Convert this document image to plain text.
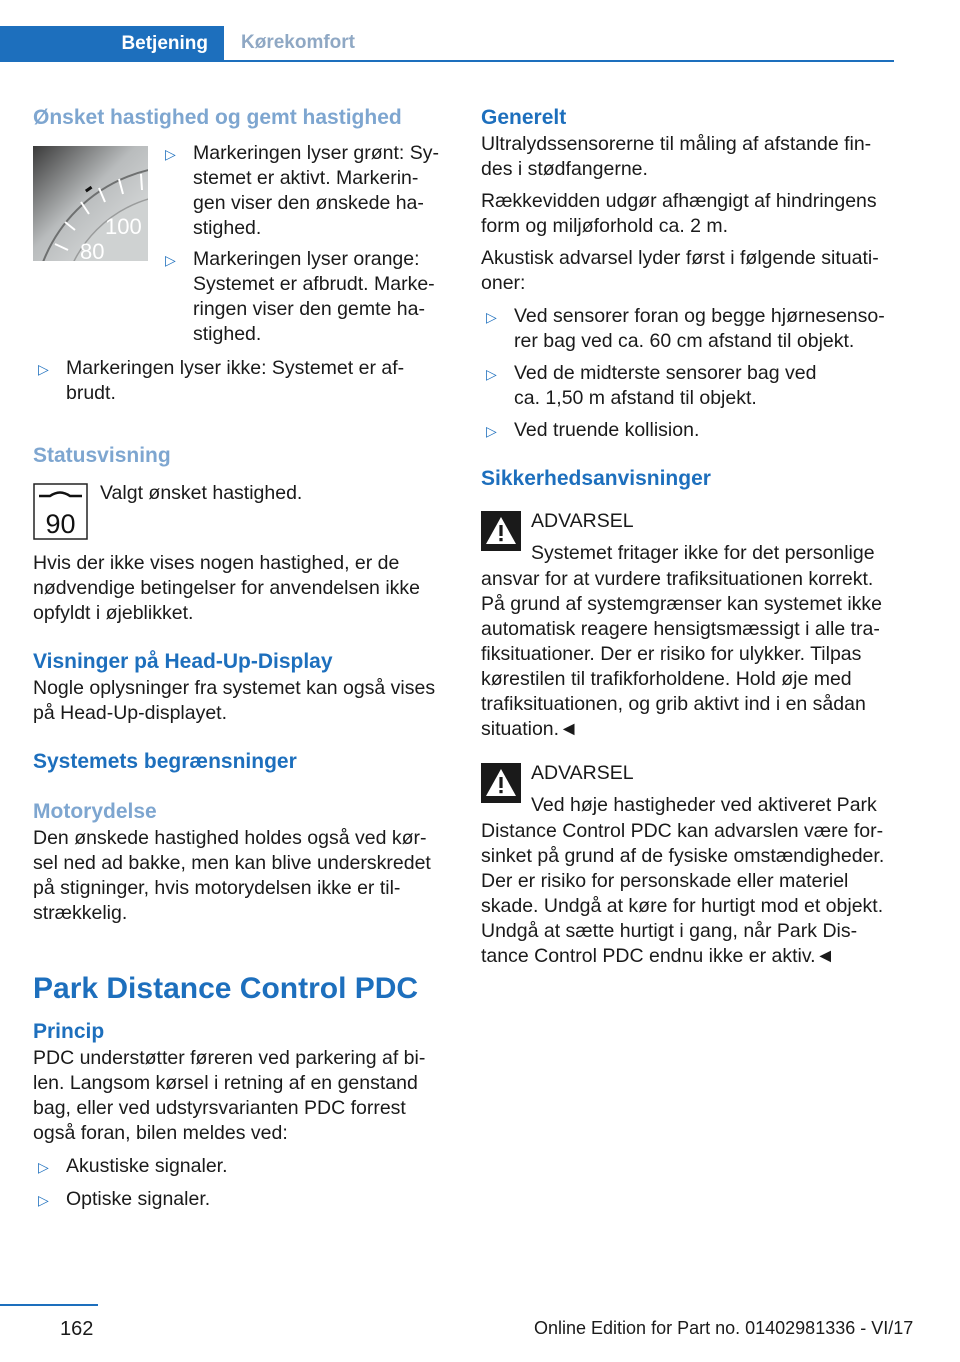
Betjening	Kørekomfort

Ønsket hastighed og gemt hastighed

100
80
▷ Markeringen lyser grønt: Sy-
stemet er aktivt. Markerin-
gen viser den ønskede ha-
stighed.
▷ Markeringen lyser orange:
Systemet er afbrudt. Marke-
ringen viser den gemte ha-
stighed.
▷ Markeringen lyser ikke: Systemet er af-
brudt.

Statusvisning

90

Valgt ønsket hastighed.

Hvis der ikke vises nogen hastighed, er de
nødvendige betingelser for anvendelsen ikke
opfyldt i øjeblikket.

Visninger på Head-Up-Display

Nogle oplysninger fra systemet kan også vises
på Head-Up-displayet.

Systemets begrænsninger

Motorydelse

Den ønskede hastighed holdes også ved kør-
sel ned ad bakke, men kan blive underskredet
på stigninger, hvis motorydelsen ikke er til-
strækkelig.

Park Distance Control PDC

Princip

PDC understøtter føreren ved parkering af bi-
len. Langsom kørsel i retning af en genstand
bag, eller ved udstyrsvarianten PDC forrest
også foran, bilen meldes ved:

▷ Akustiske signaler.
▷ Optiske signaler.

Generelt

Ultralydssensorerne til måling af afstande fin-
des i stødfangerne.

Rækkevidden udgør afhængigt af hindringens
form og miljøforhold ca. 2 m.

Akustisk advarsel lyder først i følgende situati-
oner:

▷ Ved sensorer foran og begge hjørnesenso-
rer bag ved ca. 60 cm afstand til objekt.
▷ Ved de midterste sensorer bag ved
ca. 1,50 m afstand til objekt.
▷ Ved truende kollision.

Sikkerhedsanvisninger

ADVARSEL

Systemet fritager ikke for det personlige

ansvar for at vurdere trafiksituationen korrekt.
På grund af systemgrænser kan systemet ikke
automatisk reagere hensigtsmæssigt i alle tra-
fiksituationer. Der er risiko for ulykker. Tilpas
kørestilen til trafikforholdene. Hold øje med
trafiksituationen, og grib aktivt ind i en sådan
situation.◄

ADVARSEL

Ved høje hastigheder ved aktiveret Park

Distance Control PDC kan advarslen være for-
sinket på grund af de fysiske omstændigheder.
Der er risiko for personskade eller materiel
skade. Undgå at køre for hurtigt mod et objekt.
Undgå at sætte hurtigt i gang, når Park Dis-
tance Control PDC endnu ikke er aktiv.◄

162	Online Edition for Part no. 01402981336 - VI/17
